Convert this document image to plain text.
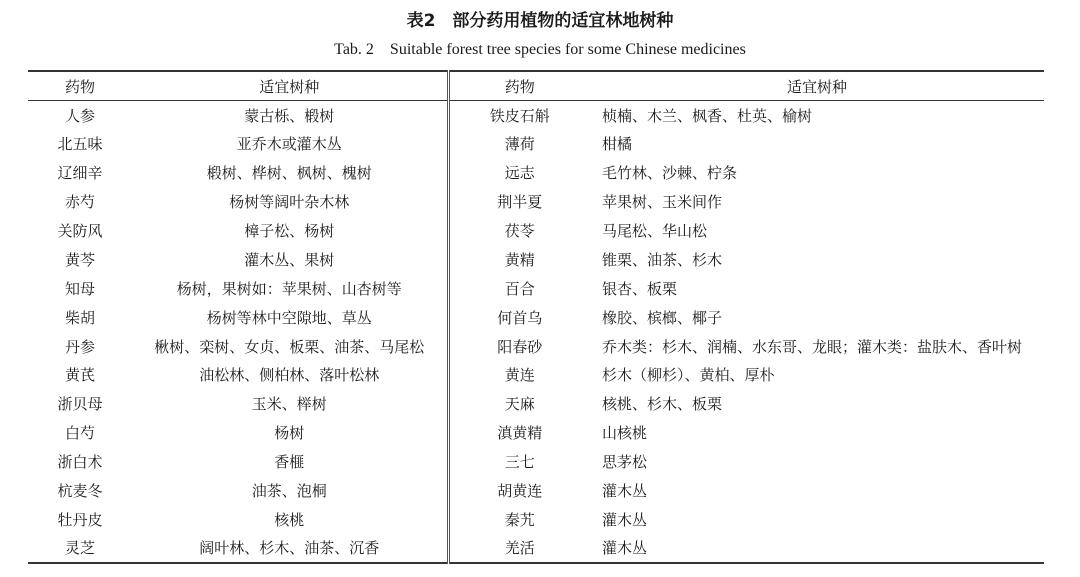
表2　部分药用植物的适宜林地树种
Tab. 2　Suitable forest tree species for some Chinese medicines
药物	适宜树种	药物	适宜树种
人参	蒙古栎、椴树	铁皮石斛	桢楠、木兰、枫香、杜英、榆树
北五味	亚乔木或灌木丛	薄荷	柑橘
辽细辛	椴树、桦树、枫树、槐树	远志	毛竹林、沙棘、柠条
赤芍	杨树等阔叶杂木林	荆半夏	苹果树、玉米间作
关防风	樟子松、杨树	茯苓	马尾松、华山松
黄芩	灌木丛、果树	黄精	锥栗、油茶、杉木
知母	杨树，果树如：苹果树、山杏树等	百合	银杏、板栗
柴胡	杨树等林中空隙地、草丛	何首乌	橡胶、槟榔、椰子
丹参	楸树、栾树、女贞、板栗、油茶、马尾松	阳春砂	乔木类：杉木、润楠、水东哥、龙眼；灌木类：盐肤木、香叶树
黄芪	油松林、侧柏林、落叶松林	黄连	杉木（柳杉）、黄柏、厚朴
浙贝母	玉米、榉树	天麻	核桃、杉木、板栗
白芍	杨树	滇黄精	山核桃
浙白术	香榧	三七	思茅松
杭麦冬	油茶、泡桐	胡黄连	灌木丛
牡丹皮	核桃	秦艽	灌木丛
灵芝	阔叶林、杉木、油茶、沉香	羌活	灌木丛
